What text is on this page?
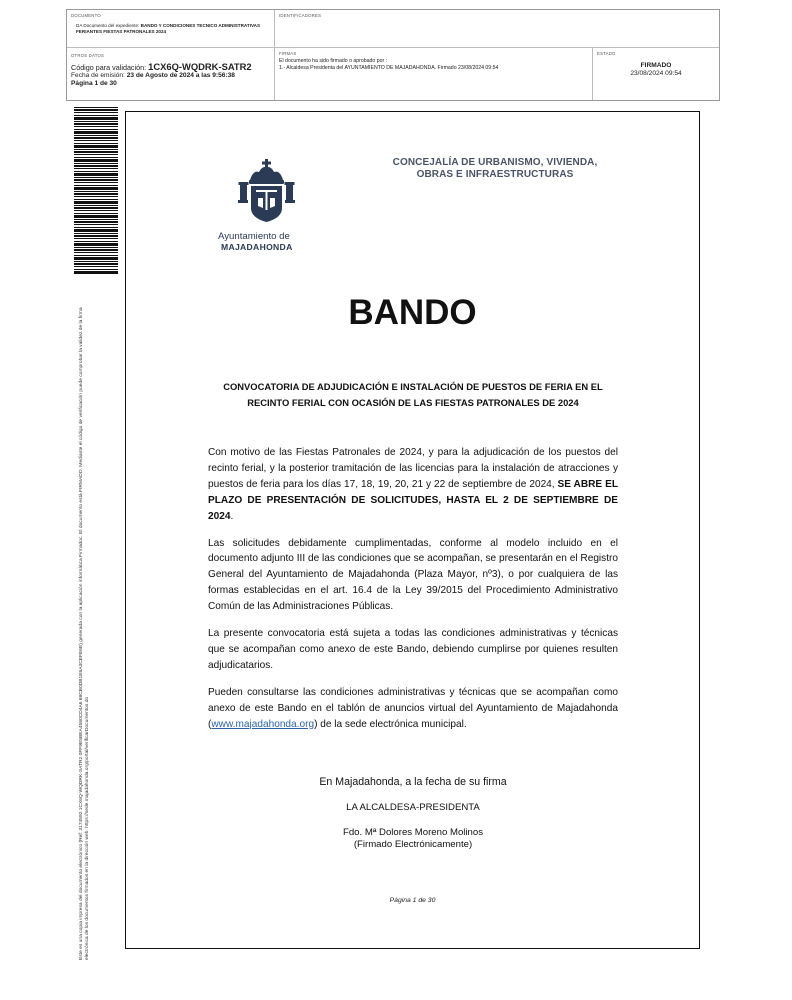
DOCUMENTO
DA Documento del expediente: BANDO Y CONDICIONES TECNICO ADMINISTRATIVAS FERIANTES FIESTAS PATRONALES 2024
IDENTIFICADORES
OTROS DATOS
Código para validación: 1CX6Q-WQDRK-SATR2
Fecha de emisión: 23 de Agosto de 2024 a las 9:56:38
Página 1 de 30
FIRMAS
El documento ha sido firmado o aprobado por :
1.- Alcaldesa Presidenta del AYUNTAMIENTO DE MAJADAHONDA. Firmado 23/08/2024 09:54
ESTADO
FIRMADO
23/08/2024 09:54
Este es una copia impresa del documento electrónico (Ref: 3174592 1CX6Q-WQDRK-SATR2 0FF9E5BEA4580CD4A6 88CB0DB1E6A3CEFE6E) generada con la aplicación informática Firmadoc. El documento está FIRMADO. Mediante el código de verificación puede comprobar la validez de la firma electrónica de los documentos firmados en la dirección web: https://sede.majadahonda.org/portal/verificarDocumentos.do
Ayuntamiento de
MAJADAHONDA
CONCEJALÍA DE URBANISMO, VIVIENDA,
OBRAS E INFRAESTRUCTURAS
BANDO
CONVOCATORIA DE ADJUDICACIÓN E INSTALACIÓN DE PUESTOS DE FERIA EN EL RECINTO FERIAL CON OCASIÓN DE LAS FIESTAS PATRONALES DE 2024

Con motivo de las Fiestas Patronales de 2024, y para la adjudicación de los puestos del recinto ferial, y la posterior tramitación de las licencias para la instalación de atracciones y puestos de feria para los días 17, 18, 19, 20, 21 y 22 de septiembre de 2024, SE ABRE EL PLAZO DE PRESENTACIÓN DE SOLICITUDES, HASTA EL 2 DE SEPTIEMBRE DE 2024.

Las solicitudes debidamente cumplimentadas, conforme al modelo incluido en el documento adjunto III de las condiciones que se acompañan, se presentarán en el Registro General del Ayuntamiento de Majadahonda (Plaza Mayor, nº3), o por cualquiera de las formas establecidas en el art. 16.4 de la Ley 39/2015 del Procedimiento Administrativo Común de las Administraciones Públicas.

La presente convocatoria está sujeta a todas las condiciones administrativas y técnicas que se acompañan como anexo de este Bando, debiendo cumplirse por quienes resulten adjudicatarios.

Pueden consultarse las condiciones administrativas y técnicas que se acompañan como anexo de este Bando en el tablón de anuncios virtual del Ayuntamiento de Majadahonda (www.majadahonda.org) de la sede electrónica municipal.

En Majadahonda, a la fecha de su firma
LA ALCALDESA-PRESIDENTA
Fdo. Mª Dolores Moreno Molinos
(Firmado Electrónicamente)
Página 1 de 30
